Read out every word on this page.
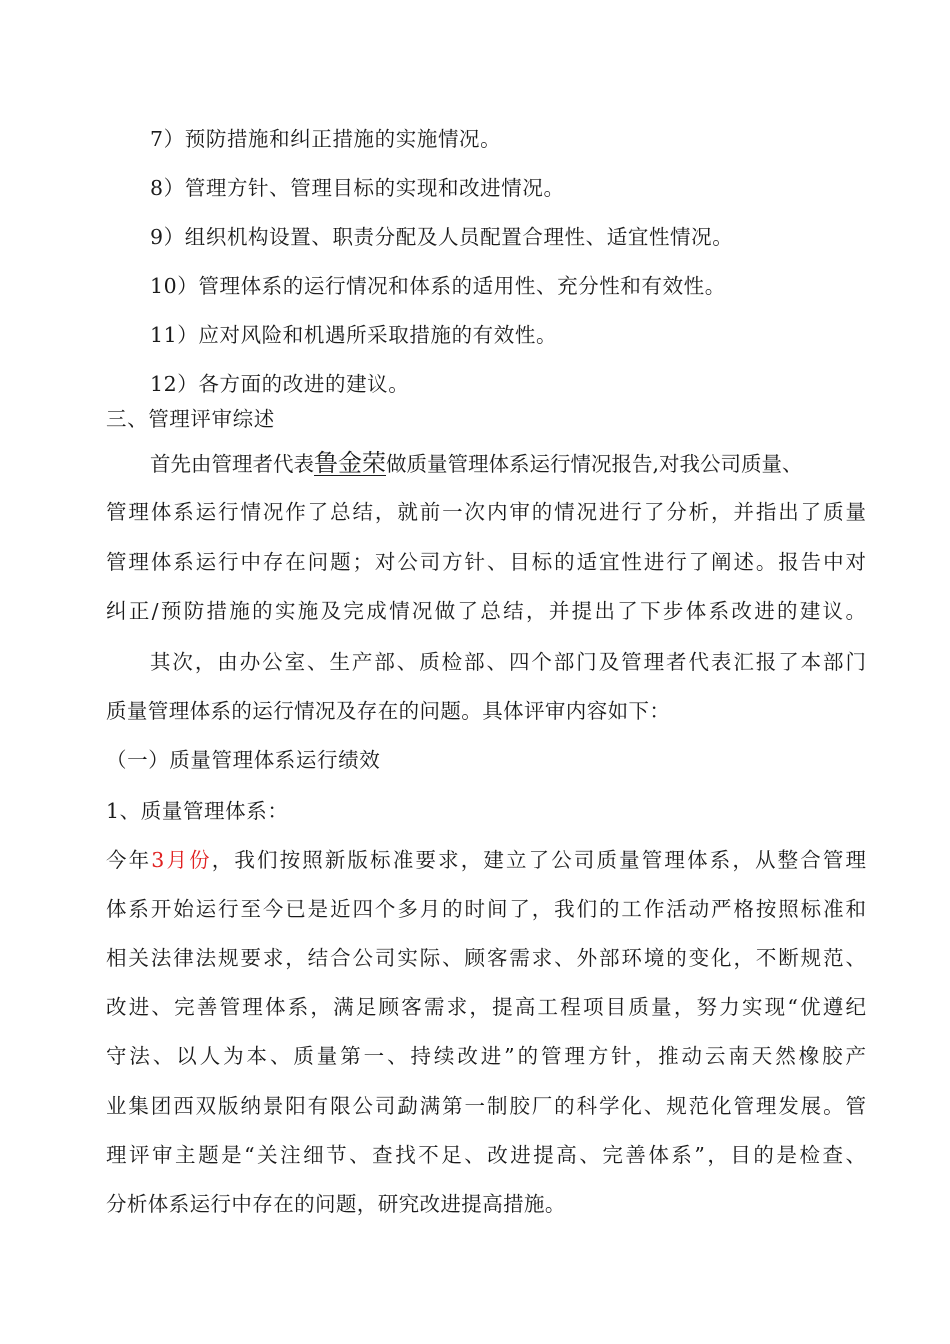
7）预防措施和纠正措施的实施情况。
8）管理方针、管理目标的实现和改进情况。
9）组织机构设置、职责分配及人员配置合理性、适宜性情况。
10）管理体系的运行情况和体系的适用性、充分性和有效性。
11）应对风险和机遇所采取措施的有效性。
12）各方面的改进的建议。
三、管理评审综述
首先由管理者代表鲁金荣做质量管理体系运行情况报告,对我公司质量、
管理体系运行情况作了总结，就前一次内审的情况进行了分析，并指出了质量
管理体系运行中存在问题；对公司方针、目标的适宜性进行了阐述。报告中对
纠正/预防措施的实施及完成情况做了总结，并提出了下步体系改进的建议。
其次，由办公室、生产部、质检部、四个部门及管理者代表汇报了本部门
质量管理体系的运行情况及存在的问题。具体评审内容如下：
（一）质量管理体系运行绩效
1、质量管理体系：
今年3月份，我们按照新版标准要求，建立了公司质量管理体系，从整合管理
体系开始运行至今已是近四个多月的时间了，我们的工作活动严格按照标准和
相关法律法规要求，结合公司实际、顾客需求、外部环境的变化，不断规范、
改进、完善管理体系，满足顾客需求，提高工程项目质量，努力实现“优遵纪
守法、以人为本、质量第一、持续改进”的管理方针，推动云南天然橡胶产
业集团西双版纳景阳有限公司勐满第一制胶厂的科学化、规范化管理发展。管
理评审主题是“关注细节、查找不足、改进提高、完善体系”，目的是检查、
分析体系运行中存在的问题，研究改进提高措施。
